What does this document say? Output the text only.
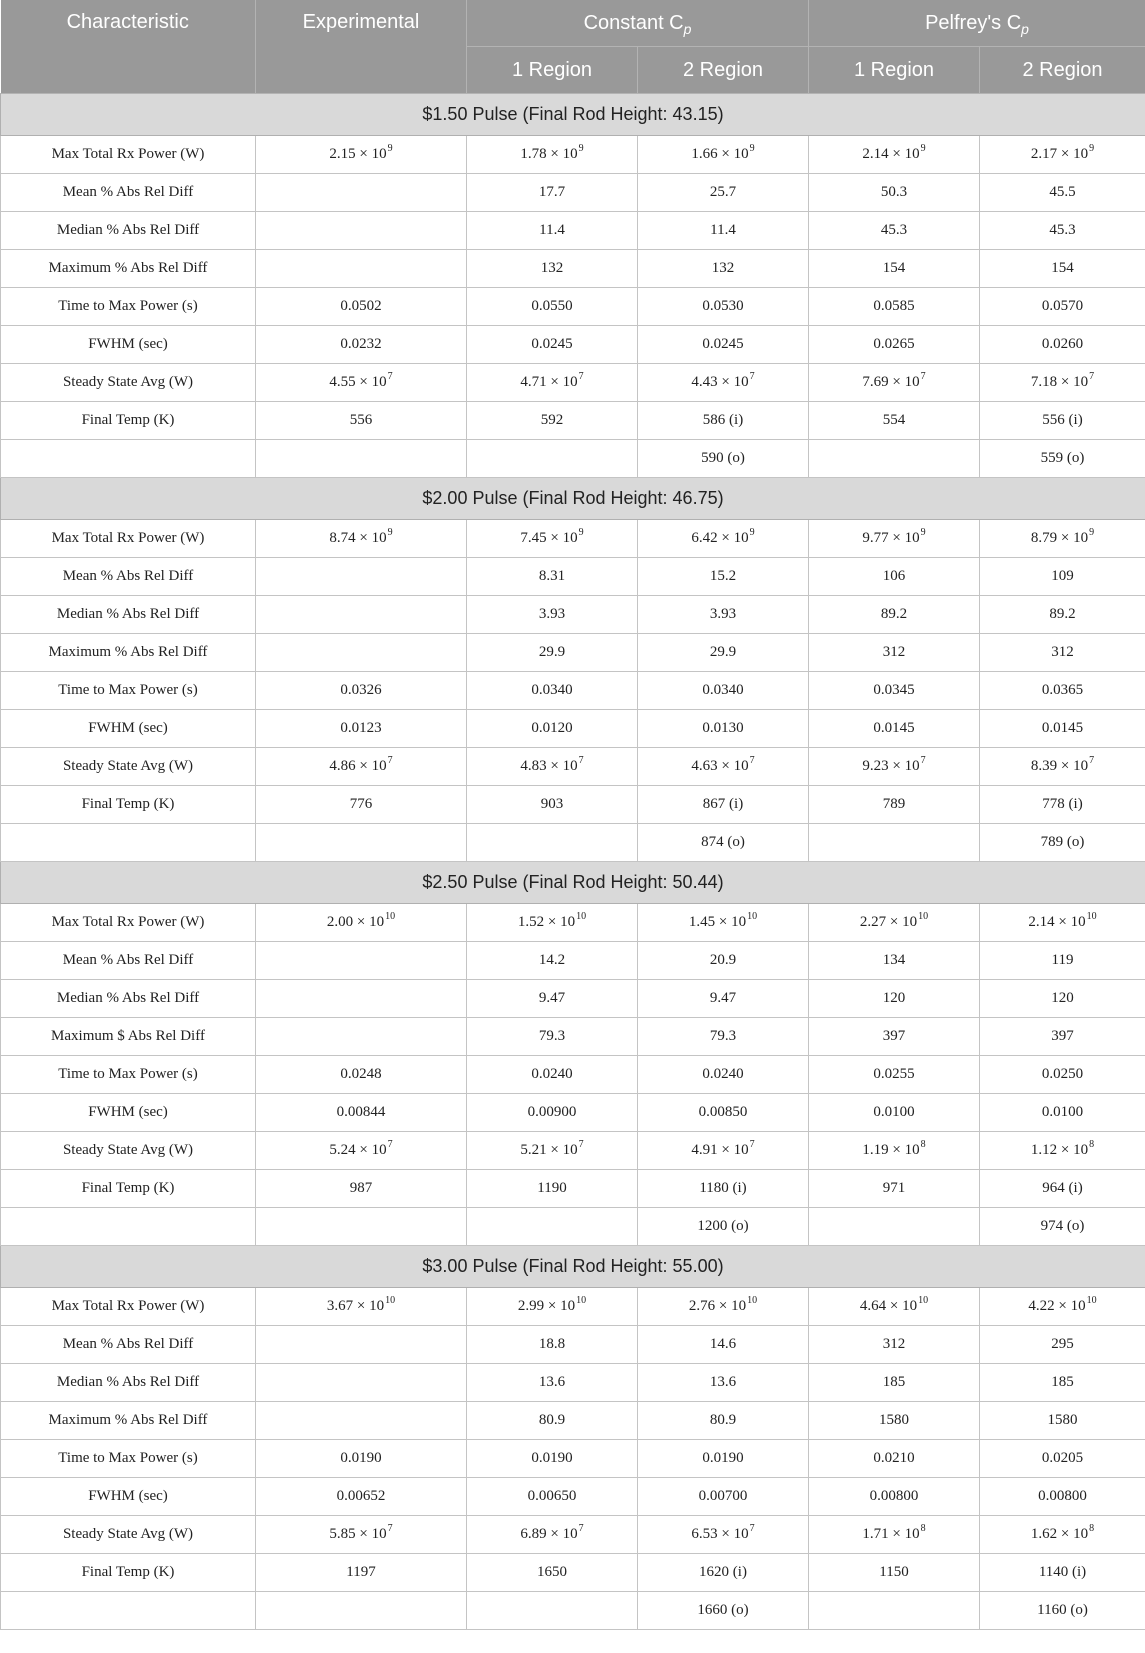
Characteristic	Experimental	Constant $C_p$		Pelfrey's $C_p$
		1 Region	2 Region	1 Region	2 Region
$1.50 Pulse (Final Rod Height: 43.15)					
Max Total Rx Power (W)	$2.15 \times 10^9$	$1.78 \times 10^9$	$1.66 \times 10^9$	$2.14 \times 10^9$	$2.17 \times 10^9$
Mean % Abs Rel Diff		17.7	25.7	50.3	45.5
Median % Abs Rel Diff		11.4	11.4	45.3	45.3
Maximum % Abs Rel Diff		132	132	154	154
Time to Max Power (s)	0.0502	0.0550	0.0530	0.0585	0.0570
FWHM (sec)	0.0232	0.0245	0.0245	0.0265	0.0260
Steady State Avg (W)	$4.55 \times 10^7$	$4.71 \times 10^7$	$4.43 \times 10^7$	$7.69 \times 10^7$	$7.18 \times 10^7$
Final Temp (K)	556	592	586 (i)	554	556 (i)
			590 (o)		559 (o)
$2.00 Pulse (Final Rod Height: 46.75)					
Max Total Rx Power (W)	$8.74 \times 10^9$	$7.45 \times 10^9$	$6.42 \times 10^9$	$9.77 \times 10^9$	$8.79 \times 10^9$
Mean % Abs Rel Diff		8.31	15.2	106	109
Median % Abs Rel Diff		3.93	3.93	89.2	89.2
Maximum % Abs Rel Diff		29.9	29.9	312	312
Time to Max Power (s)	0.0326	0.0340	0.0340	0.0345	0.0365
FWHM (sec)	0.0123	0.0120	0.0130	0.0145	0.0145
Steady State Avg (W)	$4.86 \times 10^7$	$4.83 \times 10^7$	$4.63 \times 10^7$	$9.23 \times 10^7$	$8.39 \times 10^7$
Final Temp (K)	776	903	867 (i)	789	778 (i)
			874 (o)		789 (o)
$2.50 Pulse (Final Rod Height: 50.44)					
Max Total Rx Power (W)	$2.00 \times 10^{10}$	$1.52 \times 10^{10}$	$1.45 \times 10^{10}$	$2.27 \times 10^{10}$	$2.14 \times 10^{10}$
Mean % Abs Rel Diff		14.2	20.9	134	119
Median % Abs Rel Diff		9.47	9.47	120	120
Maximum $ Abs Rel Diff		79.3	79.3	397	397
Time to Max Power (s)	0.0248	0.0240	0.0240	0.0255	0.0250
FWHM (sec)	0.00844	0.00900	0.00850	0.0100	0.0100
Steady State Avg (W)	$5.24 \times 10^7$	$5.21 \times 10^7$	$4.91 \times 10^7$	$1.19 \times 10^8$	$1.12 \times 10^8$
Final Temp (K)	987	1190	1180 (i)	971	964 (i)
			1200 (o)		974 (o)
$3.00 Pulse (Final Rod Height: 55.00)					
Max Total Rx Power (W)	$3.67 \times 10^{10}$	$2.99 \times 10^{10}$	$2.76 \times 10^{10}$	$4.64 \times 10^{10}$	$4.22 \times 10^{10}$
Mean % Abs Rel Diff		18.8	14.6	312	295
Median % Abs Rel Diff		13.6	13.6	185	185
Maximum % Abs Rel Diff		80.9	80.9	1580	1580
Time to Max Power (s)	0.0190	0.0190	0.0190	0.0210	0.0205
FWHM (sec)	0.00652	0.00650	0.00700	0.00800	0.00800
Steady State Avg (W)	$5.85 \times 10^7$	$6.89 \times 10^7$	$6.53 \times 10^7$	$1.71 \times 10^8$	$1.62 \times 10^8$
Final Temp (K)	1197	1650	1620 (i)	1150	1140 (i)
			1660 (o)		1160 (o)
